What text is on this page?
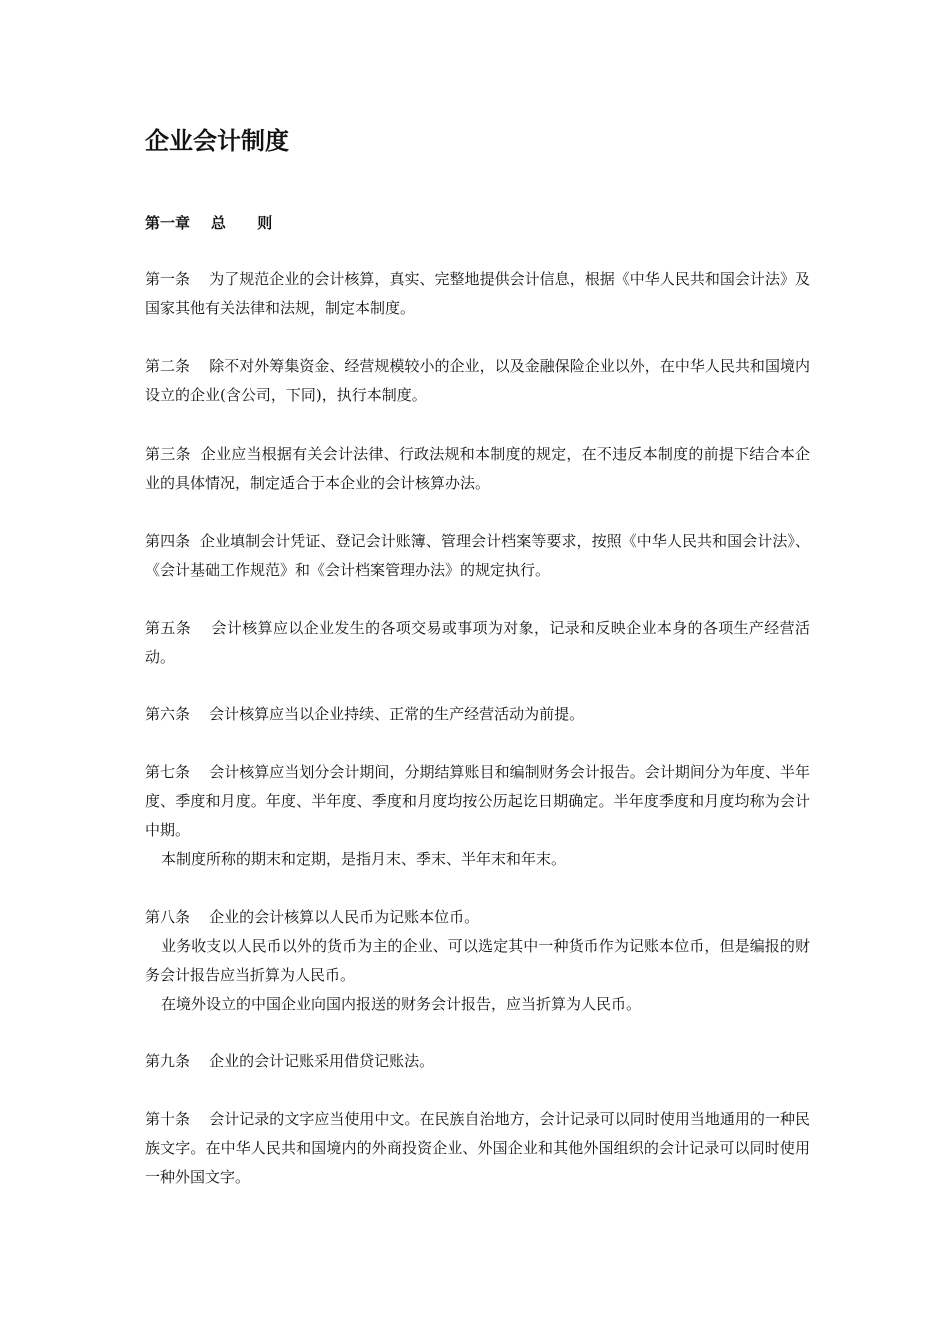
企业会计制度
第一章    总      则

第一条    为了规范企业的会计核算，真实、完整地提供会计信息，根据《中华人民共和国会计法》及国家其他有关法律和法规，制定本制度。

第二条    除不对外筹集资金、经营规模较小的企业，以及金融保险企业以外，在中华人民共和国境内设立的企业(含公司，下同)，执行本制度。

第三条  企业应当根据有关会计法律、行政法规和本制度的规定，在不违反本制度的前提下结合本企业的具体情况，制定适合于本企业的会计核算办法。

第四条  企业填制会计凭证、登记会计账簿、管理会计档案等要求，按照《中华人民共和国会计法》、《会计基础工作规范》和《会计档案管理办法》的规定执行。

第五条    会计核算应以企业发生的各项交易或事项为对象，记录和反映企业本身的各项生产经营活动。

第六条    会计核算应当以企业持续、正常的生产经营活动为前提。

第七条    会计核算应当划分会计期间，分期结算账目和编制财务会计报告。会计期间分为年度、半年度、季度和月度。年度、半年度、季度和月度均按公历起讫日期确定。半年度季度和月度均称为会计中期。

本制度所称的期末和定期，是指月末、季末、半年末和年末。

第八条    企业的会计核算以人民币为记账本位币。

业务收支以人民币以外的货币为主的企业、可以选定其中一种货币作为记账本位币，但是编报的财务会计报告应当折算为人民币。

在境外设立的中国企业向国内报送的财务会计报告，应当折算为人民币。

第九条    企业的会计记账采用借贷记账法。

第十条    会计记录的文字应当使用中文。在民族自治地方，会计记录可以同时使用当地通用的一种民族文字。在中华人民共和国境内的外商投资企业、外国企业和其他外国组织的会计记录可以同时使用一种外国文字。
